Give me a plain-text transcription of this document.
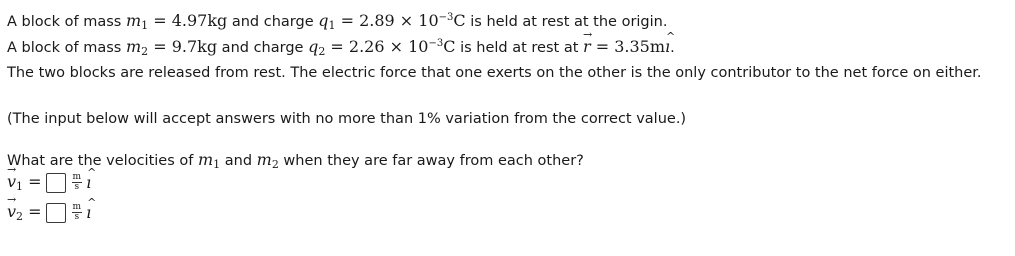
A block of mass $m_1 = 4.97kg$ and charge $q_1 = 2.89 \times 10^{-3}C$ is held at rest at the origin.
A block of mass $m_2 = 9.7kg$ and charge $q_2 = 2.26 \times 10^{-3}C$ is held at rest at → r = 3.35m^ ı.
The two blocks are released from rest. The electric force that one exerts on the other is the only contributor to the net force on either.
(The input below will accept answers with no more than 1% variation from the correct value.)
What are the velocities of $m_1$ and $m_2$ when they are far away from each other?
→ $v_1$ =	$\frac{m}{s}$ ^ ı
→ $v_2$ =	$\frac{m}{s}$ ^ ı
